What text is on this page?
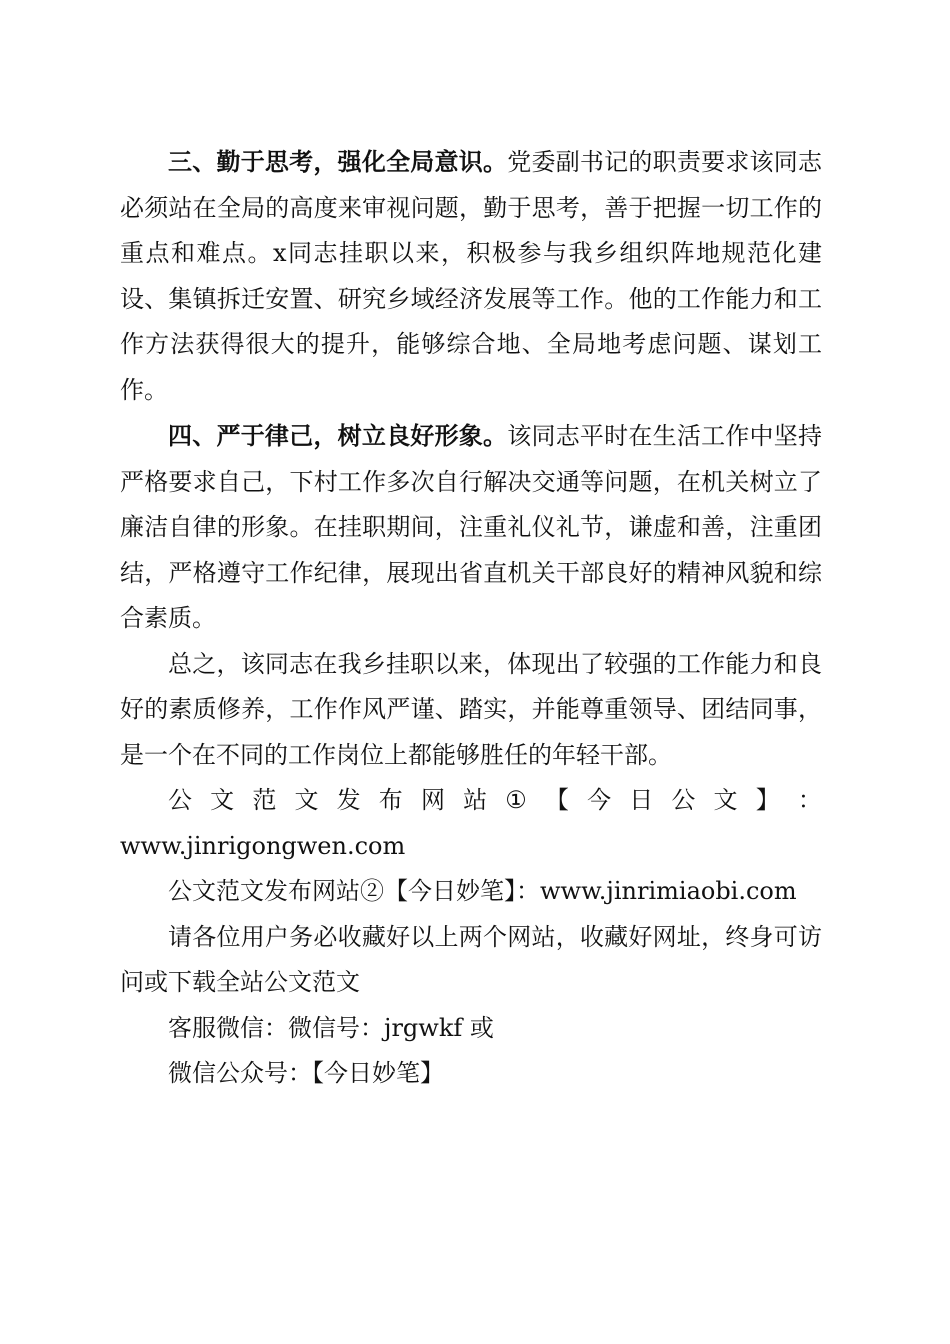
三、勤于思考，强化全局意识。党委副书记的职责要求该同志必须站在全局的高度来审视问题，勤于思考，善于把握一切工作的重点和难点。x同志挂职以来，积极参与我乡组织阵地规范化建设、集镇拆迁安置、研究乡域经济发展等工作。他的工作能力和工作方法获得很大的提升，能够综合地、全局地考虑问题、谋划工作。

四、严于律己，树立良好形象。该同志平时在生活工作中坚持严格要求自己，下村工作多次自行解决交通等问题，在机关树立了廉洁自律的形象。在挂职期间，注重礼仪礼节，谦虚和善，注重团结，严格遵守工作纪律，展现出省直机关干部良好的精神风貌和综合素质。

总之，该同志在我乡挂职以来，体现出了较强的工作能力和良好的素质修养，工作作风严谨、踏实，并能尊重领导、团结同事，是一个在不同的工作岗位上都能够胜任的年轻干部。

公 文 范 文 发 布 网 站 ① 【 今 日 公 文 】 ：

www.jinrigongwen.com

公文范文发布网站②【今日妙笔】：www.jinrimiaobi.com

请各位用户务必收藏好以上两个网站，收藏好网址，终身可访问或下载全站公文范文

客服微信：微信号：jrgwkf 或

微信公众号：【今日妙笔】
